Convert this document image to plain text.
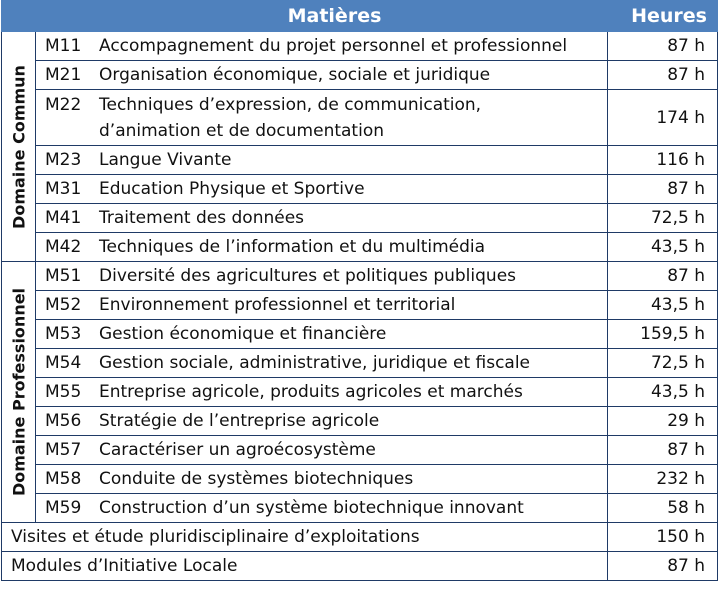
Matières		Heures

Domaine Commun	M11 Accompagnement du projet personnel et professionnel	87 h
	M21 Organisation économique, sociale et juridique	87 h
	M22 Techniques d’expression, de communication,
d’animation et de documentation	174 h
	M23 Langue Vivante	116 h
	M31 Education Physique et Sportive	87 h
	M41 Traitement des données	72,5 h
	M42 Techniques de l’information et du multimédia	43,5 h

Domaine Professionnel	M51 Diversité des agricultures et politiques publiques	87 h
	M52 Environnement professionnel et territorial	43,5 h
	M53 Gestion économique et financière	159,5 h
	M54 Gestion sociale, administrative, juridique et fiscale	72,5 h
	M55 Entreprise agricole, produits agricoles et marchés	43,5 h
	M56 Stratégie de l’entreprise agricole	29 h
	M57 Caractériser un agroécosystème	87 h
	M58 Conduite de systèmes biotechniques	232 h
	M59 Construction d’un système biotechnique innovant	58 h
Visites et étude pluridisciplinaire d’exploitations		150 h
Modules d’Initiative Locale		87 h
